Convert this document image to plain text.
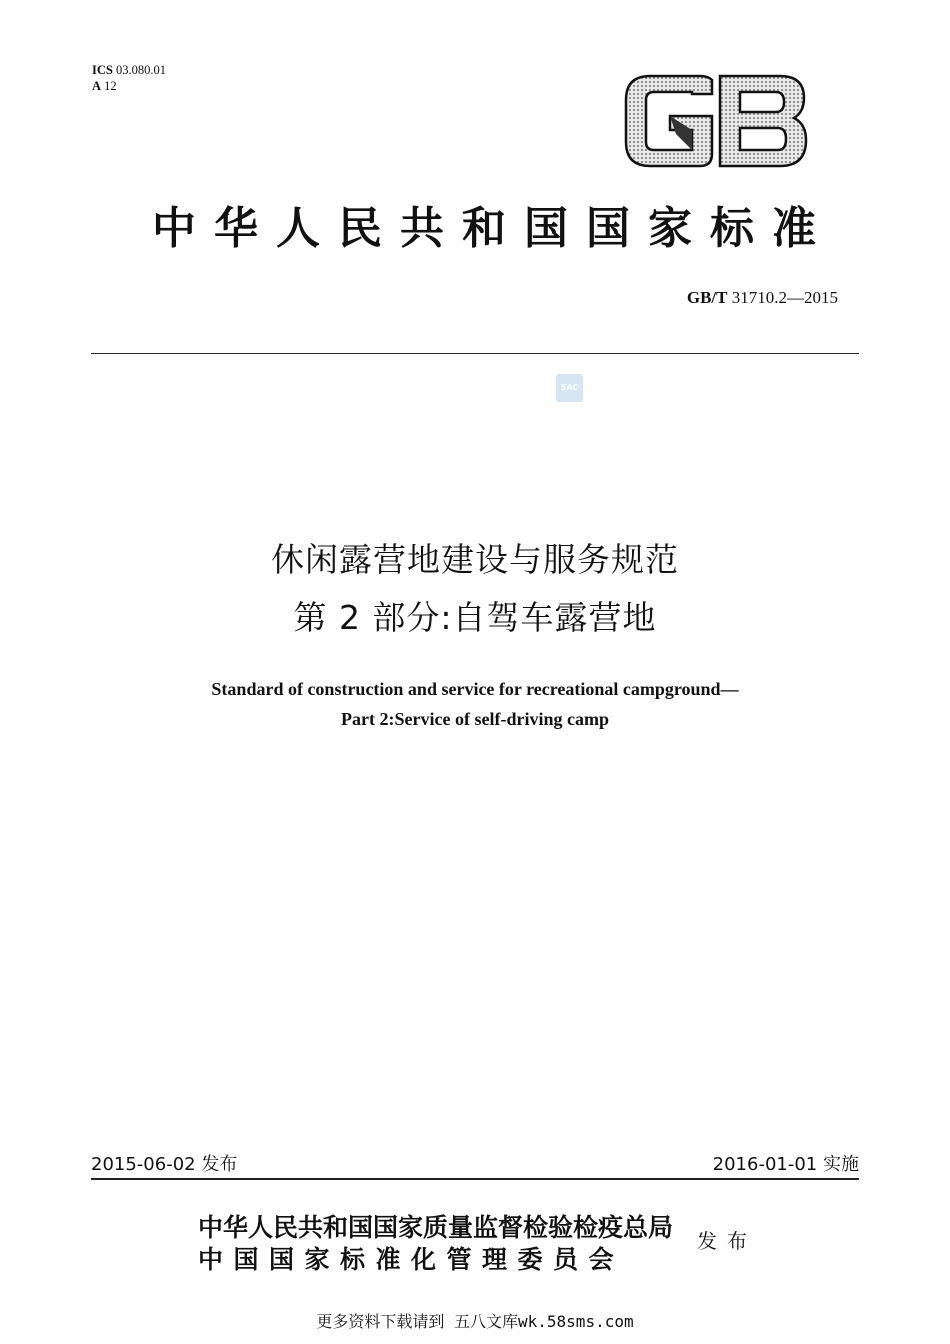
ICS 03.080.01
A 12
GB
中华人民共和国国家标准
GB/T 31710.2—2015
SAC
休闲露营地建设与服务规范
第 2 部分:自驾车露营地
Standard of construction and service for recreational campground—
Part 2:Service of self-driving camp
2015-06-02 发布	2016-01-01 实施
中华人民共和国国家质量监督检验检疫总局
中国国家标准化管理委员会
发布
更多资料下载请到 五八文库wk.58sms.com
